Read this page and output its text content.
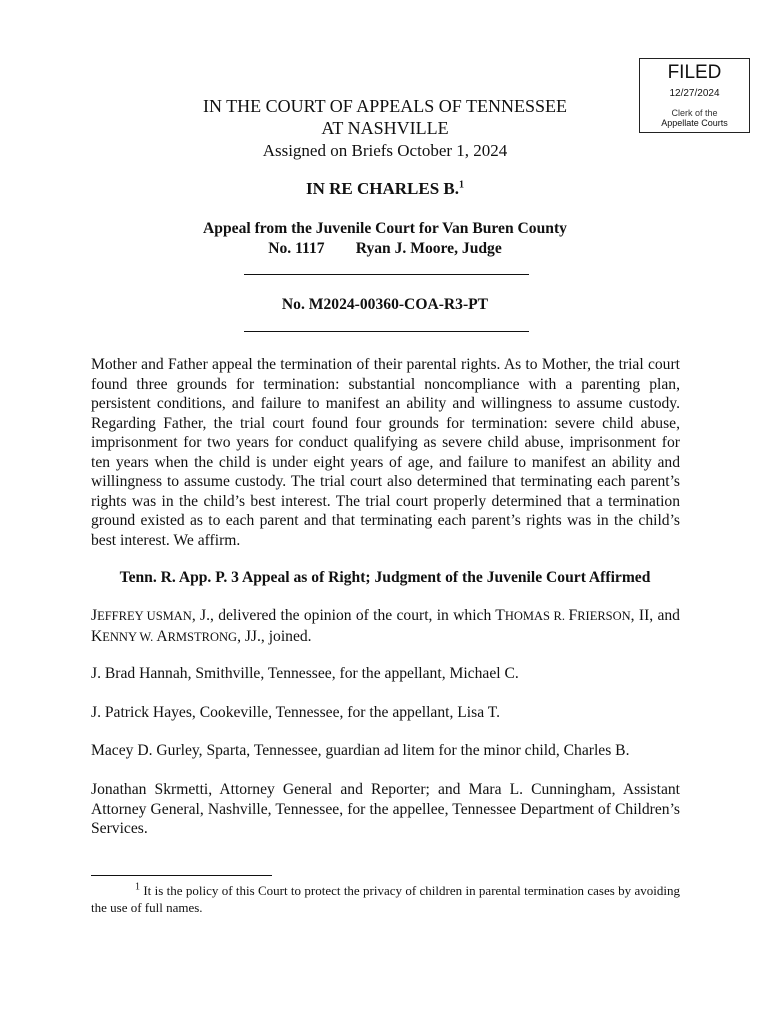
FILED
12/27/2024
Clerk of the
Appellate Courts
IN THE COURT OF APPEALS OF TENNESSEE
AT NASHVILLE
Assigned on Briefs October 1, 2024
IN RE CHARLES B.$^1$
Appeal from the Juvenile Court for Van Buren County
No. 1117 Ryan J. Moore, Judge
No. M2024-00360-COA-R3-PT
Mother and Father appeal the termination of their parental rights. As to Mother, the trial court found three grounds for termination: substantial noncompliance with a parenting plan, persistent conditions, and failure to manifest an ability and willingness to assume custody. Regarding Father, the trial court found four grounds for termination: severe child abuse, imprisonment for two years for conduct qualifying as severe child abuse, imprisonment for ten years when the child is under eight years of age, and failure to manifest an ability and willingness to assume custody. The trial court also determined that terminating each parent’s rights was in the child’s best interest. The trial court properly determined that a termination ground existed as to each parent and that terminating each parent’s rights was in the child’s best interest. We affirm.
Tenn. R. App. P. 3 Appeal as of Right; Judgment of the Juvenile Court Affirmed
JEFFREY USMAN, J., delivered the opinion of the court, in which THOMAS R. FRIERSON, II, and KENNY W. ARMSTRONG, JJ., joined.
J. Brad Hannah, Smithville, Tennessee, for the appellant, Michael C.
J. Patrick Hayes, Cookeville, Tennessee, for the appellant, Lisa T.
Macey D. Gurley, Sparta, Tennessee, guardian ad litem for the minor child, Charles B.
Jonathan Skrmetti, Attorney General and Reporter; and Mara L. Cunningham, Assistant Attorney General, Nashville, Tennessee, for the appellee, Tennessee Department of Children’s Services.
$^1$ It is the policy of this Court to protect the privacy of children in parental termination cases by avoiding the use of full names.
